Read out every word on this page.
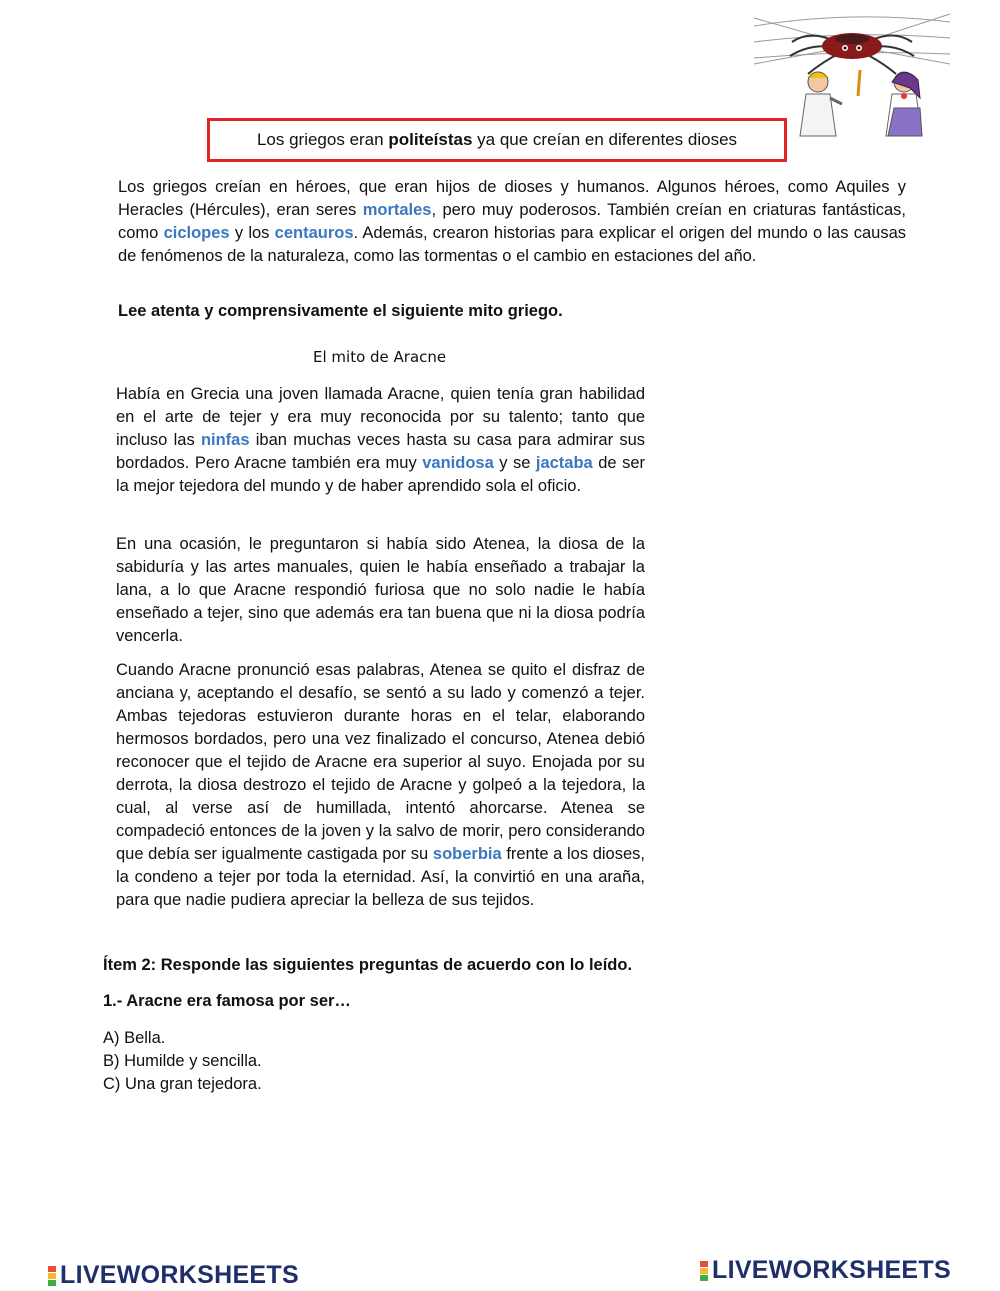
Los griegos eran politeístas ya que creían en diferentes dioses
Los griegos creían en héroes, que eran hijos de dioses y humanos. Algunos héroes, como Aquiles y Heracles (Hércules), eran seres mortales, pero muy poderosos. También creían en criaturas fantásticas, como ciclopes y los centauros. Además, crearon historias para explicar el origen del mundo o las causas de fenómenos de la naturaleza, como las tormentas o el cambio en estaciones del año.
Lee atenta y comprensivamente el siguiente mito griego.
El mito de Aracne
Había en Grecia una joven llamada Aracne, quien tenía gran habilidad en el arte de tejer y era muy reconocida por su talento; tanto que incluso las ninfas iban muchas veces hasta su casa para admirar sus bordados. Pero Aracne también era muy vanidosa y se jactaba de ser la mejor tejedora del mundo y de haber aprendido sola el oficio.
En una ocasión, le preguntaron si había sido Atenea, la diosa de la sabiduría y las artes manuales, quien le había enseñado a trabajar la lana, a lo que Aracne respondió furiosa que no solo nadie le había enseñado a tejer, sino que además era tan buena que ni la diosa podría vencerla.
Cuando Aracne pronunció esas palabras, Atenea se quito el disfraz de anciana y, aceptando el desafío, se sentó a su lado y comenzó a tejer. Ambas tejedoras estuvieron durante horas en el telar, elaborando hermosos bordados, pero una vez finalizado el concurso, Atenea debió reconocer que el tejido de Aracne era superior al suyo. Enojada por su derrota, la diosa destrozo el tejido de Aracne y golpeó a la tejedora, la cual, al verse así de humillada, intentó ahorcarse. Atenea se compadeció entonces de la joven y la salvo de morir, pero considerando que debía ser igualmente castigada por su soberbia frente a los dioses, la condeno a tejer por toda la eternidad. Así, la convirtió en una araña, para que nadie pudiera apreciar la belleza de sus tejidos.
Ítem 2: Responde las siguientes preguntas de acuerdo con lo leído.
1.- Aracne era famosa por ser…
A) Bella.
B) Humilde y sencilla.
C) Una gran tejedora.
LIVEWORKSHEETS	LIVEWORKSHEETS
